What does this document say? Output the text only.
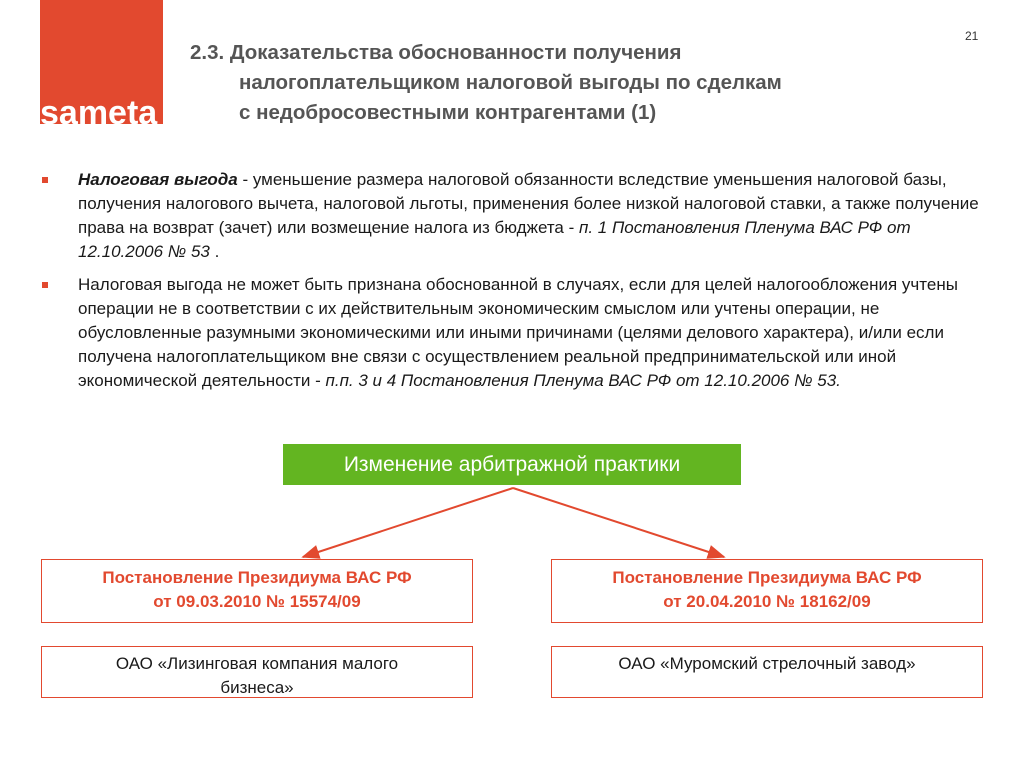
sameta
21
2.3. Доказательства обоснованности получения
налогоплательщиком налоговой выгоды по сделкам
с недобросовестными контрагентами (1)
Налоговая выгода - уменьшение размера налоговой обязанности вследствие уменьшения налоговой базы, получения налогового вычета, налоговой льготы, применения более низкой налоговой ставки, а также получение права на возврат (зачет) или возмещение налога из бюджета - п. 1 Постановления Пленума ВАС РФ от 12.10.2006 № 53 .
Налоговая выгода не может быть признана обоснованной в случаях, если для целей налогообложения учтены операции не в соответствии с их действительным экономическим смыслом или учтены операции, не обусловленные разумными экономическими или иными причинами (целями делового характера), и/или если получена налогоплательщиком вне связи с осуществлением реальной предпринимательской или иной экономической деятельности - п.п. 3 и 4 Постановления Пленума ВАС РФ от 12.10.2006 № 53.
Изменение арбитражной практики
Постановление Президиума ВАС РФ
от 09.03.2010 № 15574/09
Постановление Президиума ВАС РФ
от 20.04.2010 № 18162/09
ОАО «Лизинговая компания малого бизнеса»
ОАО «Муромский стрелочный завод»
